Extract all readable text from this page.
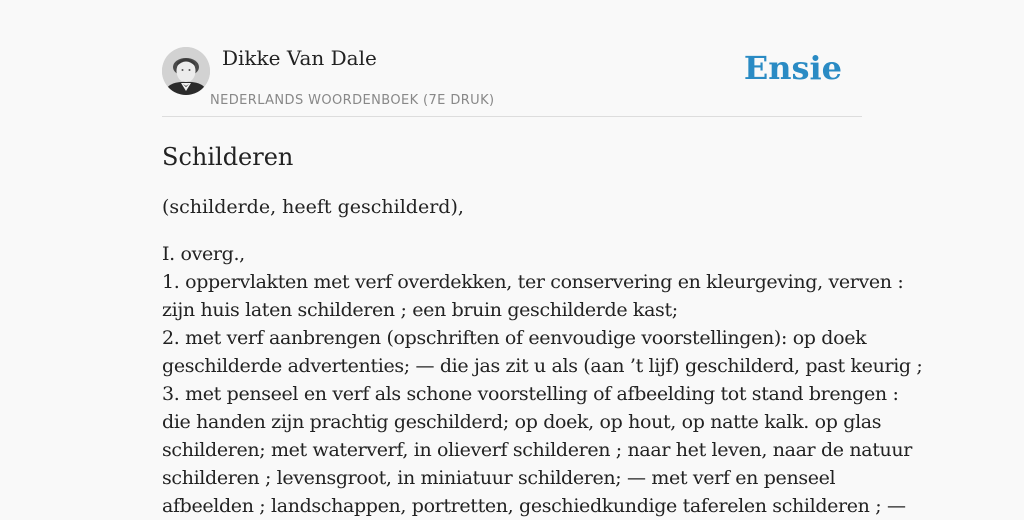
Dikke Van Dale
NEDERLANDS WOORDENBOEK (7E DRUK)
Ensie
Schilderen

(schilderde, heeft geschilderd),

I. overg.,
1. oppervlakten met verf overdekken, ter conservering en kleurgeving, verven :
zijn huis laten schilderen ; een bruin geschilderde kast;
2. met verf aanbrengen (opschriften of eenvoudige voorstellingen): op doek
geschilderde advertenties; — die jas zit u als (aan ’t lijf) geschilderd, past keurig ;
3. met penseel en verf als schone voorstelling of afbeelding tot stand brengen :
die handen zijn prachtig geschilderd; op doek, op hout, op natte kalk. op glas
schilderen; met waterverf, in olieverf schilderen ; naar het leven, naar de natuur
schilderen ; levensgroot, in miniatuur schilderen; — met verf en penseel
afbeelden ; landschappen, portretten, geschiedkundige taferelen schilderen ; —
